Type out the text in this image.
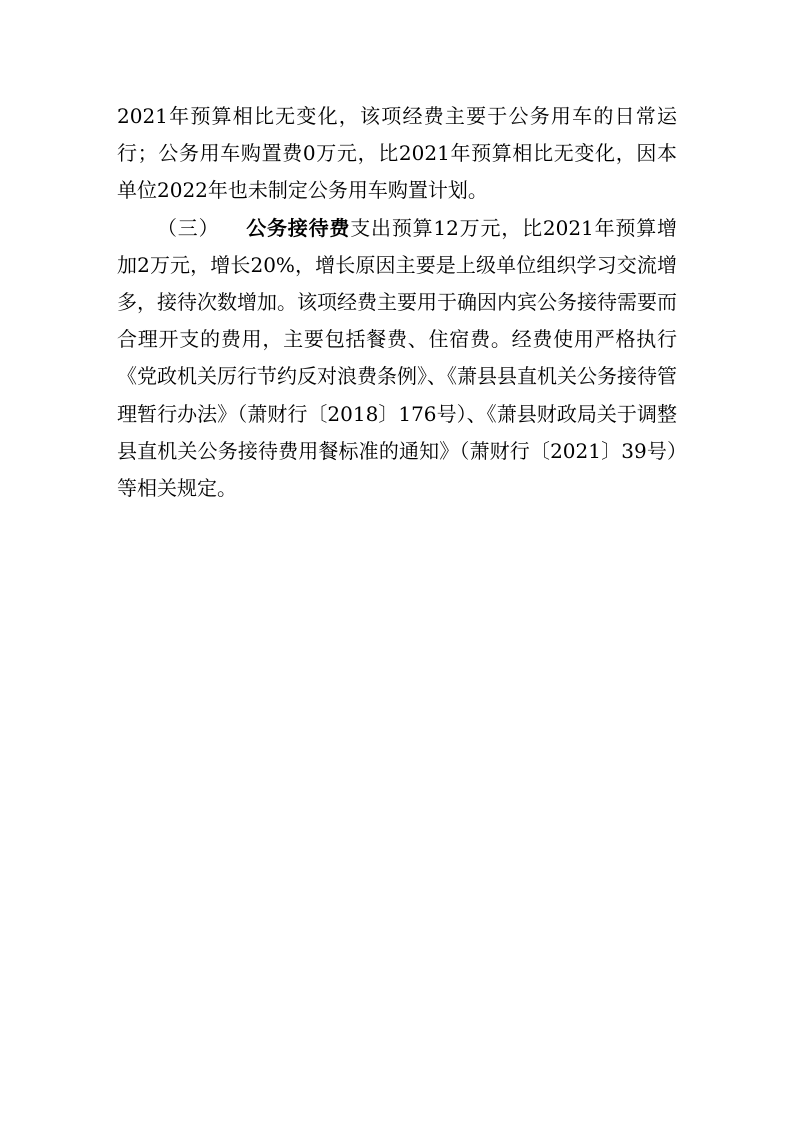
2021年预算相比无变化，该项经费主要于公务用车的日常运行；公务用车购置费0万元，比2021年预算相比无变化，因本单位2022年也未制定公务用车购置计划。

（三） 公务接待费支出预算12万元，比2021年预算增加2万元，增长20%，增长原因主要是上级单位组织学习交流增多，接待次数增加。该项经费主要用于确因内宾公务接待需要而合理开支的费用，主要包括餐费、住宿费。经费使用严格执行《党政机关厉行节约反对浪费条例》、《萧县县直机关公务接待管理暂行办法》（萧财行〔2018〕176号）、《萧县财政局关于调整县直机关公务接待费用餐标准的通知》（萧财行〔2021〕39号）等相关规定。
